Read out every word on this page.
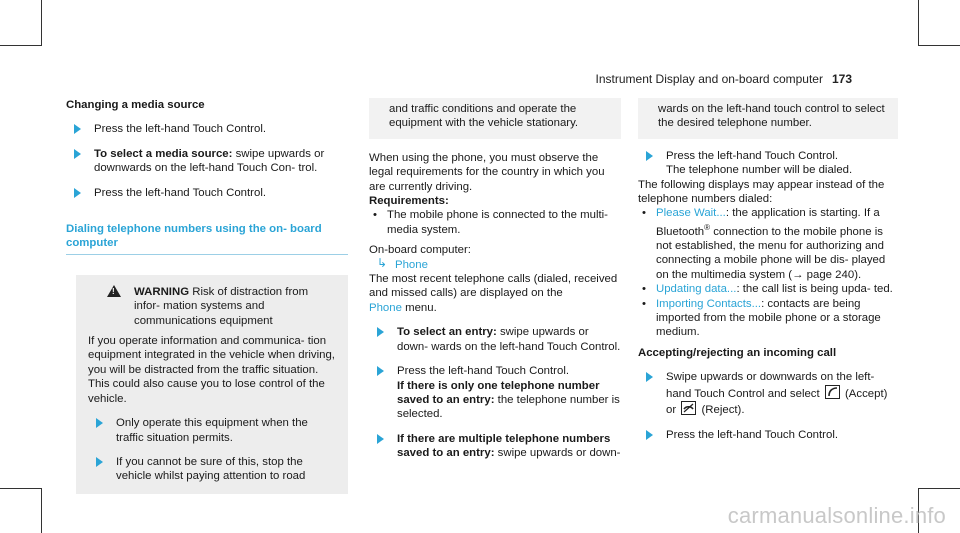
Instrument Display and on-board computer 173
Changing a media source
Press the left-hand Touch Control.
To select a media source: swipe upwards or downwards on the left-hand Touch Con‐ trol.
Press the left-hand Touch Control.
Dialing telephone numbers using the on- board computer
! WARNING Risk of distraction from infor‐ mation systems and communications equipment
If you operate information and communica‐ tion equipment integrated in the vehicle when driving, you will be distracted from the traffic situation. This could also cause you to lose control of the vehicle.
Only operate this equipment when the traffic situation permits.
If you cannot be sure of this, stop the vehicle whilst paying attention to road
and traffic conditions and operate the equipment with the vehicle stationary.
When using the phone, you must observe the legal requirements for the country in which you are currently driving.
Requirements:
• The mobile phone is connected to the multi‐ media system.
On-board computer:
↳ Phone
The most recent telephone calls (dialed, received and missed calls) are displayed on the
Phone menu.
To select an entry: swipe upwards or down‐ wards on the left-hand Touch Control.
Press the left-hand Touch Control.
If there is only one telephone number saved to an entry: the telephone number is selected.
If there are multiple telephone numbers saved to an entry: swipe upwards or down‐
wards on the left-hand touch control to select the desired telephone number.
Press the left-hand Touch Control.
The telephone number will be dialed.
The following displays may appear instead of the telephone numbers dialed:
• Please Wait...: the application is starting. If a Bluetooth® connection to the mobile phone is not established, the menu for authorizing and connecting a mobile phone will be dis‐ played on the multimedia system (→ page 240).
• Updating data...: the call list is being upda‐ ted.
• Importing Contacts...: contacts are being imported from the mobile phone or a storage medium.
Accepting/rejecting an incoming call
Swipe upwards or downwards on the left- hand Touch Control and select
(Accept)
or
(Reject).
Press the left-hand Touch Control.
carmanualsonline.info
